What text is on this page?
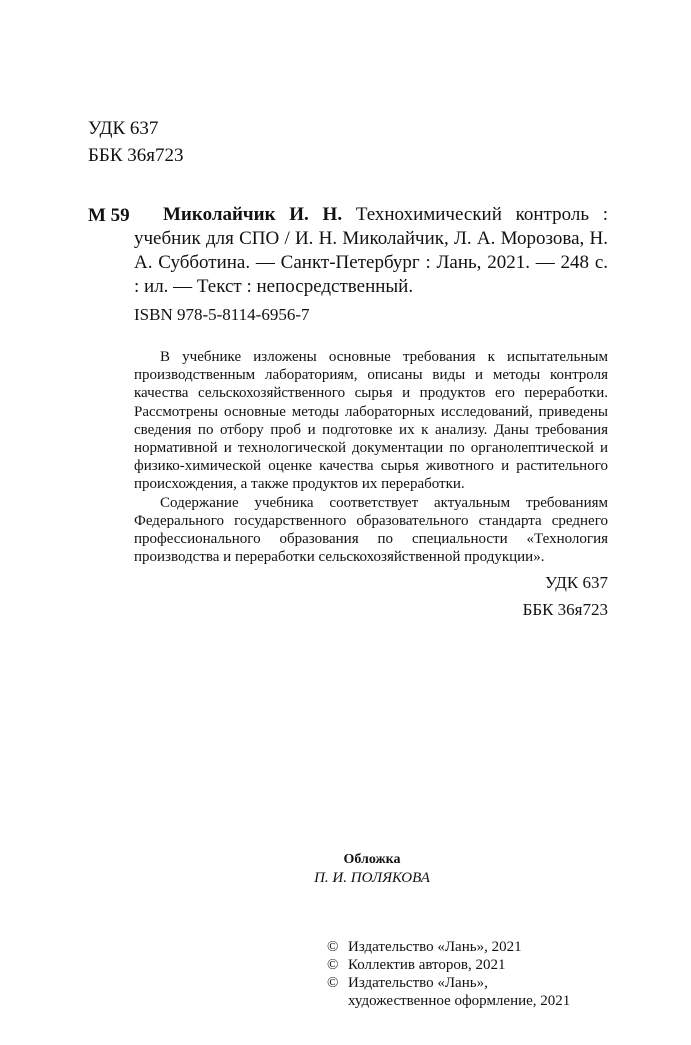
УДК 637
ББК 36я723
М 59	Миколайчик И. Н. Технохимический контроль : учебник для СПО / И. Н. Миколайчик, Л. А. Морозова, Н. А. Субботина. — Санкт-Петербург : Лань, 2021. — 248 с. : ил. — Текст : непосредственный.

ISBN 978-5-8114-6956-7

В учебнике изложены основные требования к испытательным производственным лабораториям, описаны виды и методы контроля качества сельскохозяйственного сырья и продуктов его переработки. Рассмотрены основные методы лабораторных исследований, приведены сведения по отбору проб и подготовке их к анализу. Даны требования нормативной и технологической документации по органолептической и физико-химической оценке качества сырья животного и растительного происхождения, а также продуктов их переработки.

Содержание учебника соответствует актуальным требованиям Федерального государственного образовательного стандарта среднего профессионального образования по специальности «Технология производства и переработки сельскохозяйственной продукции».

УДК 637
ББК 36я723
Обложка
П. И. ПОЛЯКОВА
© Издательство «Лань», 2021
© Коллектив авторов, 2021
© Издательство «Лань»,
художественное оформление, 2021
